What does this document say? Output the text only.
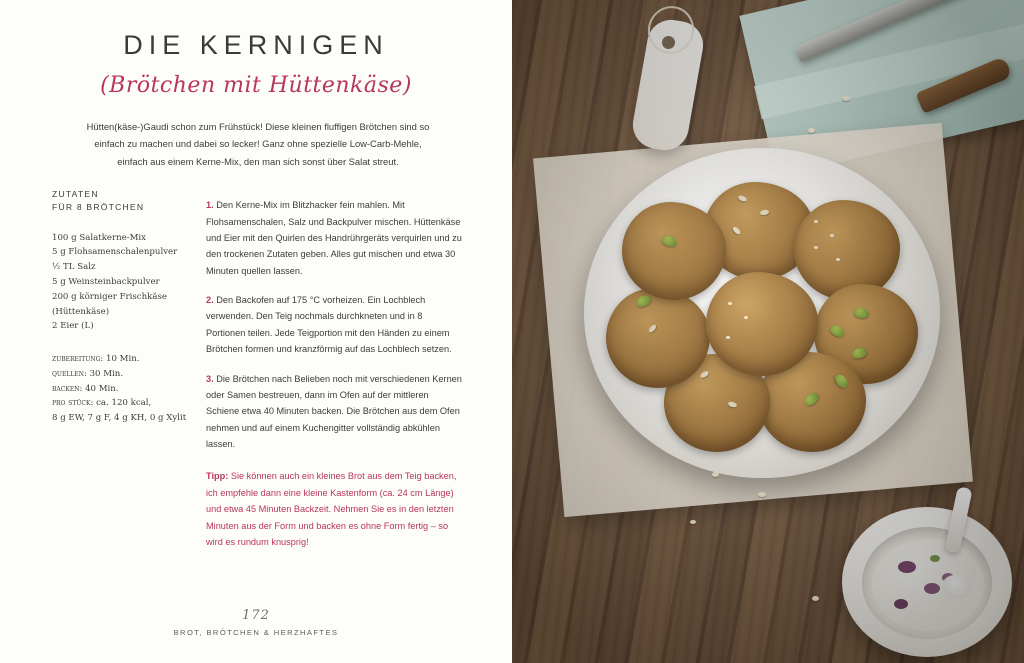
DIE KERNIGEN
(Brötchen mit Hüttenkäse)
Hütten(käse-)Gaudi schon zum Frühstück! Diese kleinen fluffigen Brötchen sind so einfach zu machen und dabei so lecker! Ganz ohne spezielle Low-Carb-Mehle, einfach aus einem Kerne-Mix, den man sich sonst über Salat streut.
ZUTATEN
FÜR 8 BRÖTCHEN
100 g Salatkerne-Mix
5 g Flohsamenschalenpulver
½ TL Salz
5 g Weinsteinbackpulver
200 g körniger Frischkäse
(Hüttenkäse)
2 Eier (L)
zubereitung: 10 Min.
quellen: 30 Min.
backen: 40 Min.
pro stück: ca. 120 kcal,
8 g EW, 7 g F, 4 g KH, 0 g Xylit

1. Den Kerne-Mix im Blitzhacker fein mahlen. Mit Flohsamenschalen, Salz und Backpulver mischen. Hüttenkäse und Eier mit den Quirlen des Handrührgeräts verquirlen und zu den trockenen Zutaten geben. Alles gut mischen und etwa 30 Minuten quellen lassen.

2. Den Backofen auf 175 °C vorheizen. Ein Lochblech verwenden. Den Teig nochmals durchkneten und in 8 Portionen teilen. Jede Teigportion mit den Händen zu einem Brötchen formen und kranzförmig auf das Lochblech setzen.

3. Die Brötchen nach Belieben noch mit verschiedenen Kernen oder Samen bestreuen, dann im Ofen auf der mittleren Schiene etwa 40 Minuten backen. Die Brötchen aus dem Ofen nehmen und auf einem Kuchengitter vollständig abkühlen lassen.

Tipp: Sie können auch ein kleines Brot aus dem Teig backen, ich empfehle dann eine kleine Kastenform (ca. 24 cm Länge) und etwa 45 Minuten Backzeit. Nehmen Sie es in den letzten Minuten aus der Form und backen es ohne Form fertig – so wird es rundum knusprig!

172
BROT, BRÖTCHEN & HERZHAFTES
